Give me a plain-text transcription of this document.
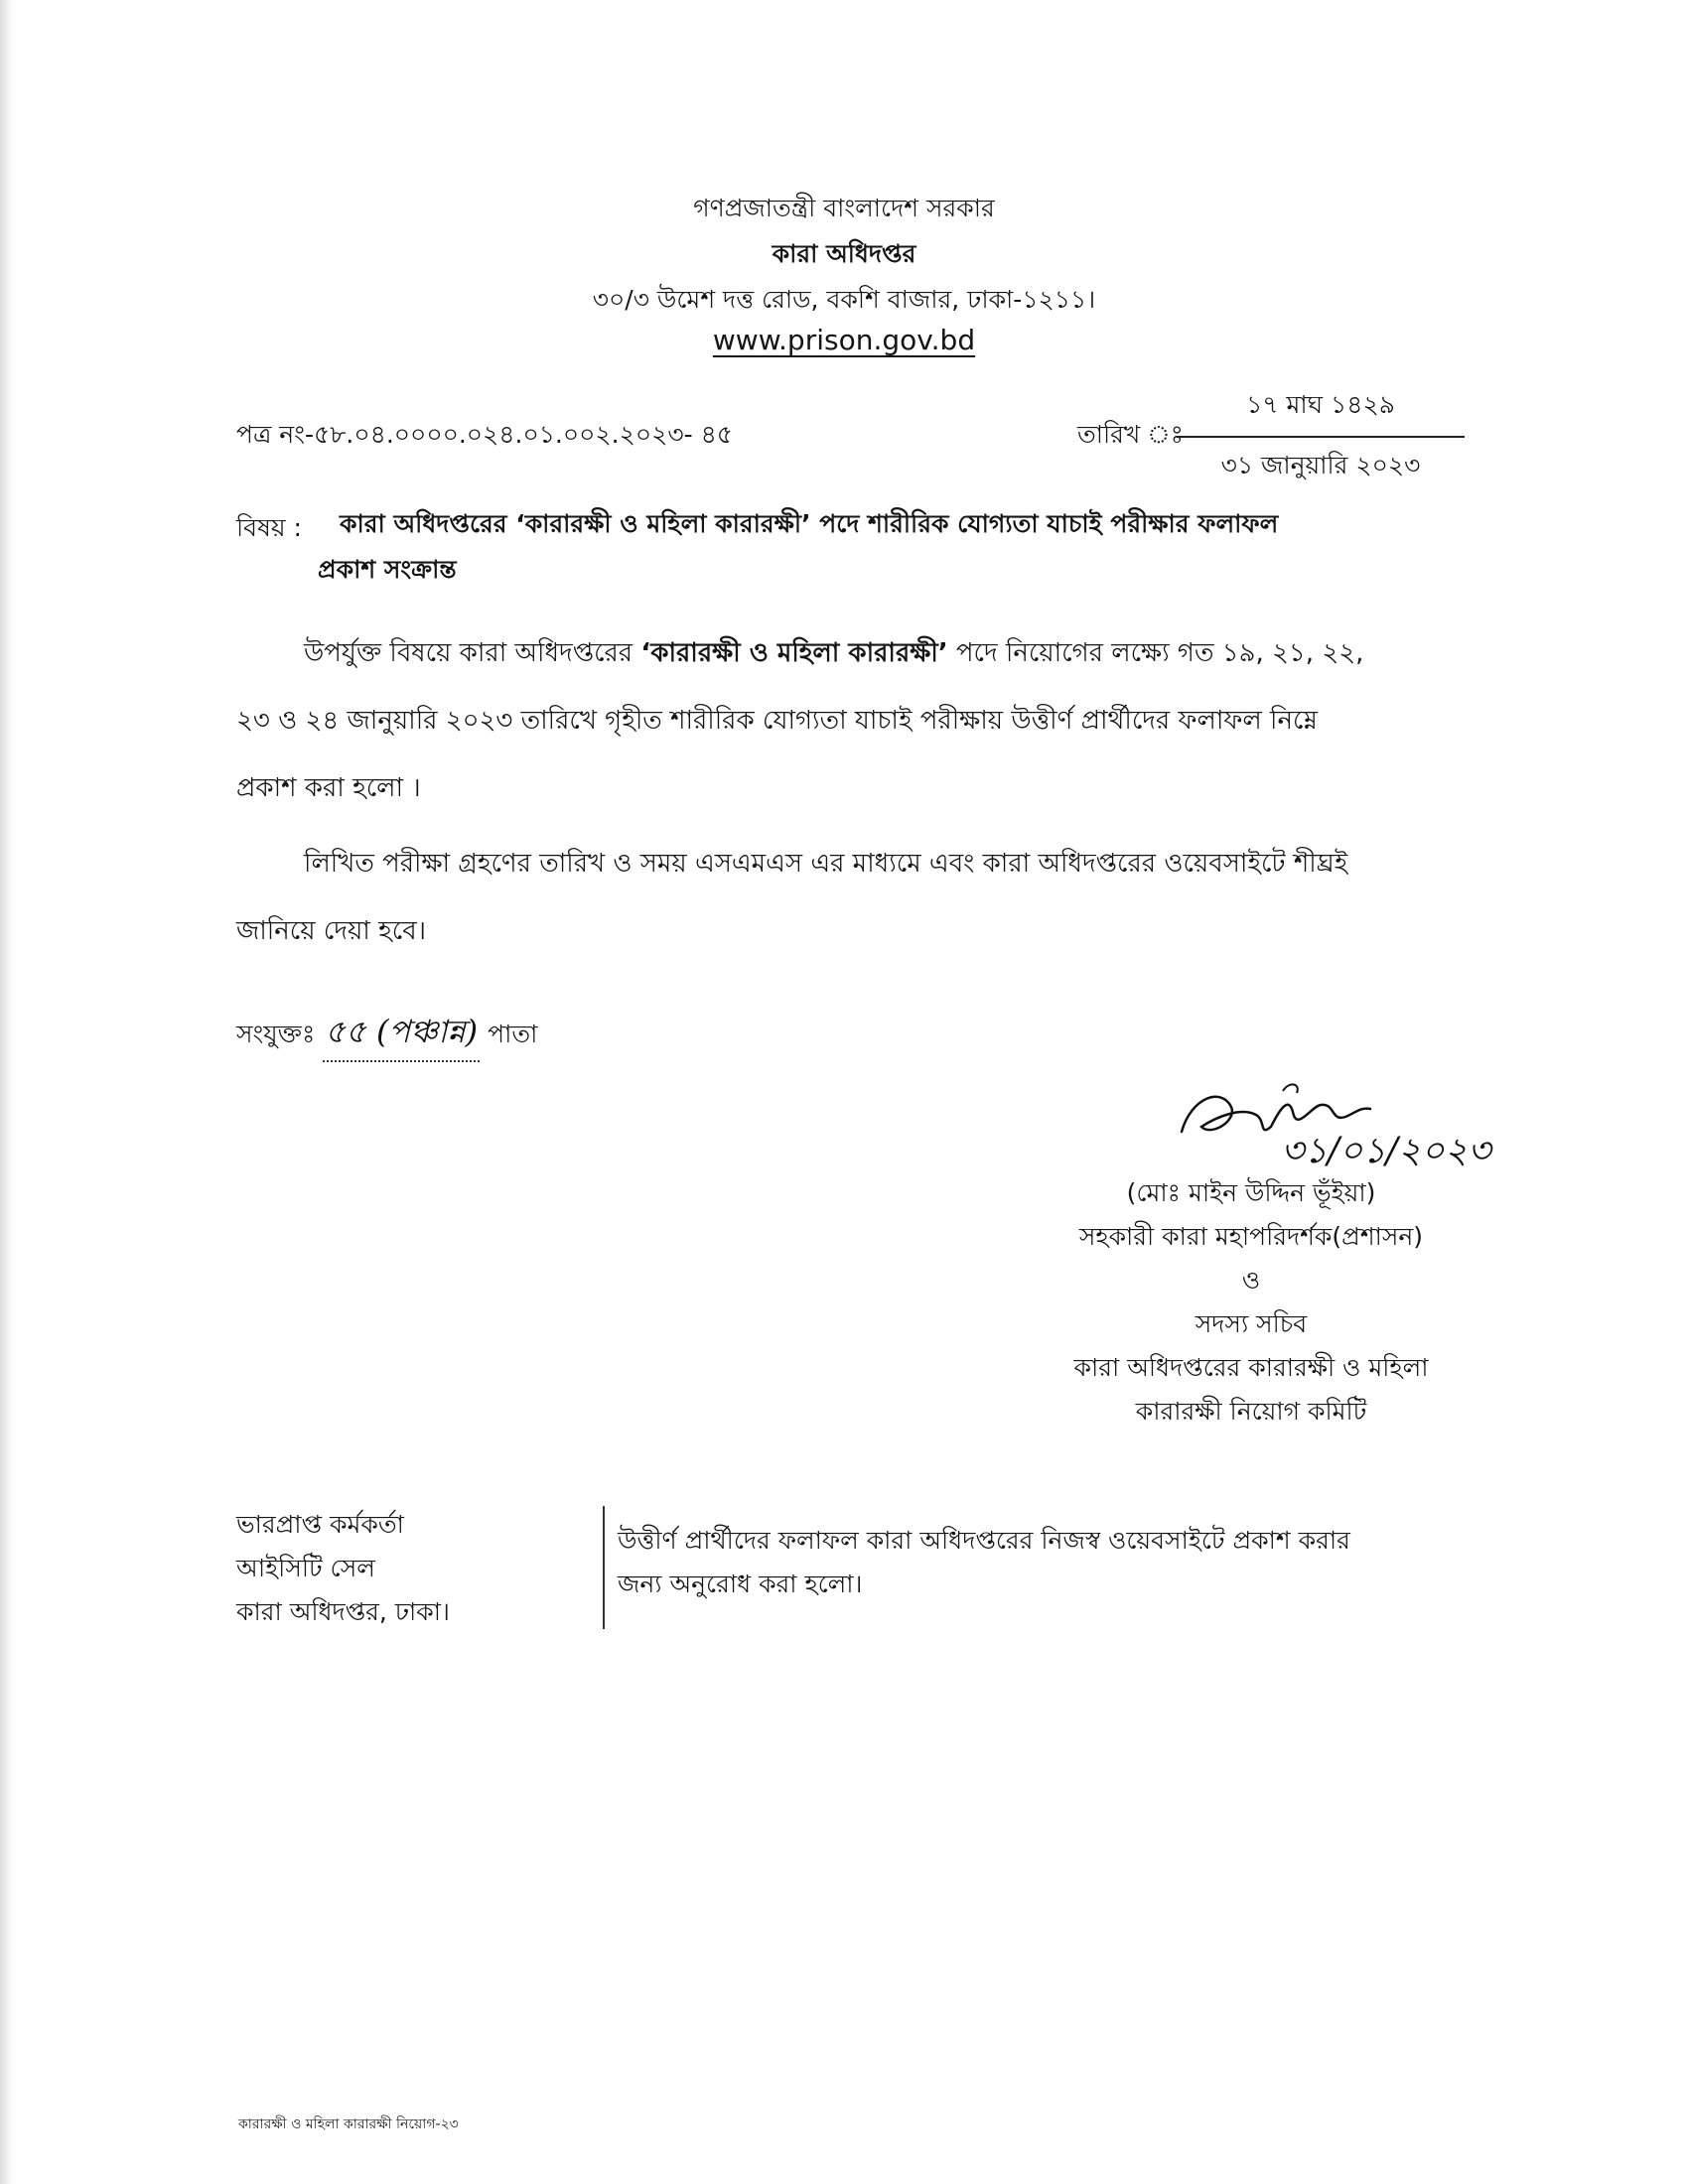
গণপ্রজাতন্ত্রী বাংলাদেশ সরকার
কারা অধিদপ্তর
৩০/৩ উমেশ দত্ত রোড, বকশি বাজার, ঢাকা-১২১১।
www.prison.gov.bd
পত্র নং-৫৮.০৪.০০০০.০২৪.০১.০০২.২০২৩- ৪৫	তারিখ ঃ
১৭ মাঘ ১৪২৯
৩১ জানুয়ারি ২০২৩
বিষয় : কারা অধিদপ্তরের ‘কারারক্ষী ও মহিলা কারারক্ষী’ পদে শারীরিক যোগ্যতা যাচাই পরীক্ষার ফলাফল
প্রকাশ সংক্রান্ত
উপর্যুক্ত বিষয়ে কারা অধিদপ্তরের ‘কারারক্ষী ও মহিলা কারারক্ষী’ পদে নিয়োগের লক্ষ্যে গত ১৯, ২১, ২২,
২৩ ও ২৪ জানুয়ারি ২০২৩ তারিখে গৃহীত শারীরিক যোগ্যতা যাচাই পরীক্ষায় উত্তীর্ণ প্রার্থীদের ফলাফল নিম্নে
প্রকাশ করা হলো ।
লিখিত পরীক্ষা গ্রহণের তারিখ ও সময় এসএমএস এর মাধ্যমে এবং কারা অধিদপ্তরের ওয়েবসাইটে শীঘ্রই
জানিয়ে দেয়া হবে।
সংযুক্তঃ ৫৫ (পঞ্চান্ন) পাতা
৩১/০১/২০২৩
(মোঃ মাইন উদ্দিন ভূঁইয়া)
সহকারী কারা মহাপরিদর্শক(প্রশাসন)
ও
সদস্য সচিব
কারা অধিদপ্তরের কারারক্ষী ও মহিলা
কারারক্ষী নিয়োগ কমিটি
ভারপ্রাপ্ত কর্মকর্তা
আইসিটি সেল
কারা অধিদপ্তর, ঢাকা।
উত্তীর্ণ প্রার্থীদের ফলাফল কারা অধিদপ্তরের নিজস্ব ওয়েবসাইটে প্রকাশ করার
জন্য অনুরোধ করা হলো।
কারারক্ষী ও মহিলা কারারক্ষী নিয়োগ-২৩
